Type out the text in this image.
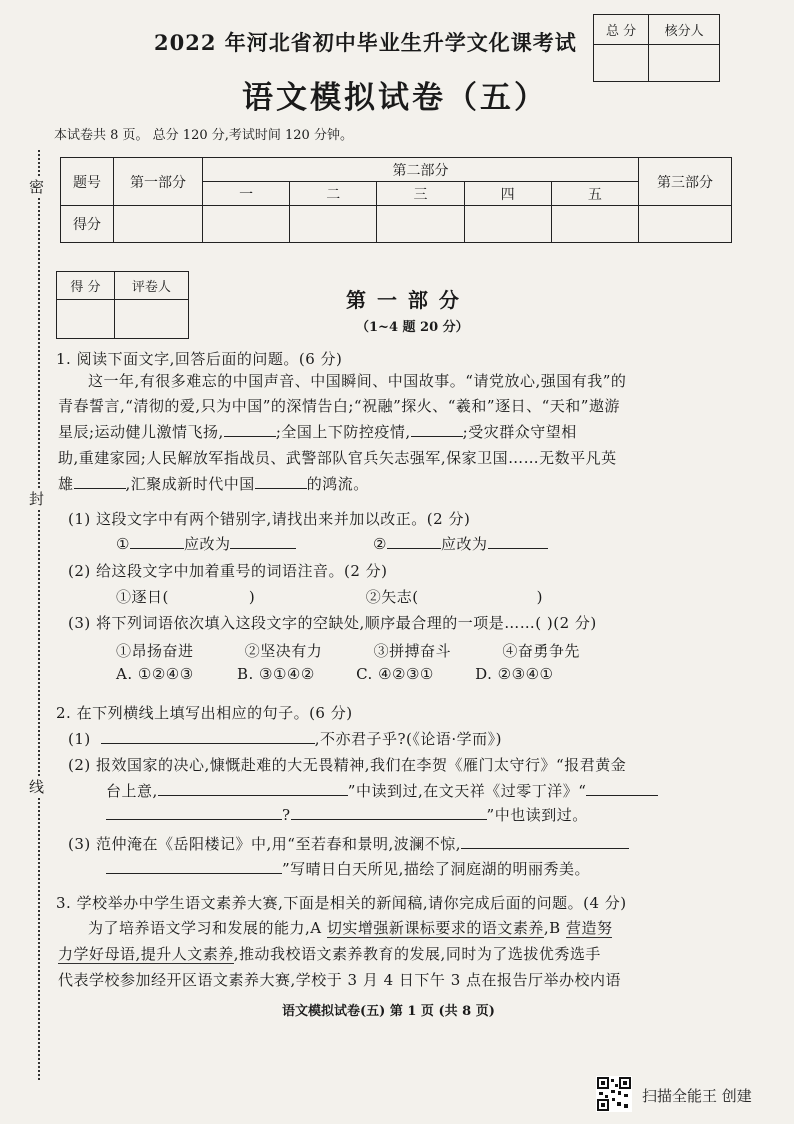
2022 年河北省初中毕业生升学文化课考试
语文模拟试卷（五）
本试卷共 8 页。 总分 120 分,考试时间 120 分钟。
总 分	核分人

密
封
线
题号	第一部分	第二部分					第三部分
		一	二	三	四	五	
得分							
得 分	评卷人

第 一 部 分
（1~4 题 20 分）
1. 阅读下面文字,回答后面的问题。(6 分)
这一年,有很多难忘的中国声音、中国瞬间、中国故事。“请党放心,强国有我”的
青春誓言,“清彻的爱,只为中国”的深情告白;“祝融”探火、“羲和”逐日、“天和”遨游
星辰;运动健儿激情飞扬,	;全国上下防控疫情,	;受灾群众守望相
助,重建家园;人民解放军指战员、武警部队官兵矢志强军,保家卫国……无数平凡英
雄	,汇聚成新时代中国	的鸿流。
(1) 这段文字中有两个错别字,请找出来并加以改正。(2 分)
①	应改为	②	应改为
(2) 给这段文字中加着重号的词语注音。(2 分)
①逐日(	)	②矢志(	)
(3) 将下列词语依次填入这段文字的空缺处,顺序最合理的一项是……( )(2 分)
①昂扬奋进	②坚决有力	③拼搏奋斗	④奋勇争先
A. ①②④③	B. ③①④②	C. ④②③①	D. ②③④①
2. 在下列横线上填写出相应的句子。(6 分)
(1)	,不亦君子乎?(《论语·学而》)
(2) 报效国家的决心,慷慨赴难的大无畏精神,我们在李贺《雁门太守行》“报君黄金
台上意,	”中读到过,在文天祥《过零丁洋》“
?	”中也读到过。
(3) 范仲淹在《岳阳楼记》中,用“至若春和景明,波澜不惊,
”写晴日白天所见,描绘了洞庭湖的明丽秀美。
3. 学校举办中学生语文素养大赛,下面是相关的新闻稿,请你完成后面的问题。(4 分)
为了培养语文学习和发展的能力,A 切实增强新课标要求的语文素养,B 营造努
力学好母语,提升人文素养,推动我校语文素养教育的发展,同时为了选拔优秀选手
代表学校参加经开区语文素养大赛,学校于 3 月 4 日下午 3 点在报告厅举办校内语
语文模拟试卷(五) 第 1 页 (共 8 页)
扫描全能王 创建
